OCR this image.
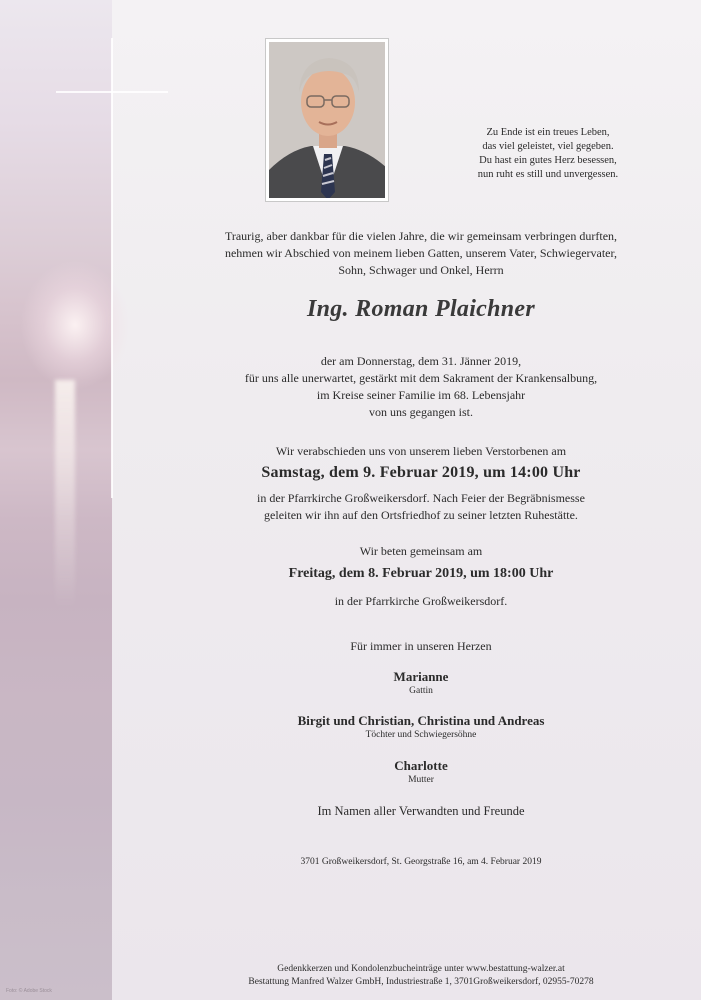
Foto: © Adobe Stock
Zu Ende ist ein treues Leben,
das viel geleistet, viel gegeben.
Du hast ein gutes Herz besessen,
nun ruht es still und unvergessen.
Traurig, aber dankbar für die vielen Jahre, die wir gemeinsam verbringen durften,
nehmen wir Abschied von meinem lieben Gatten, unserem Vater, Schwiegervater,
Sohn, Schwager und Onkel, Herrn
Ing. Roman Plaichner
der am Donnerstag, dem 31. Jänner 2019,
für uns alle unerwartet, gestärkt mit dem Sakrament der Krankensalbung,
im Kreise seiner Familie im 68. Lebensjahr
von uns gegangen ist.
Wir verabschieden uns von unserem lieben Verstorbenen am
Samstag, dem 9. Februar 2019, um 14:00 Uhr
in der Pfarrkirche Großweikersdorf. Nach Feier der Begräbnismesse
geleiten wir ihn auf den Ortsfriedhof zu seiner letzten Ruhestätte.
Wir beten gemeinsam am
Freitag, dem 8. Februar 2019, um 18:00 Uhr
in der Pfarrkirche Großweikersdorf.
Für immer in unseren Herzen
Marianne
Gattin
Birgit und Christian, Christina und Andreas
Töchter und Schwiegersöhne
Charlotte
Mutter
Im Namen aller Verwandten und Freunde
3701 Großweikersdorf, St. Georgstraße 16, am 4. Februar 2019
Gedenkkerzen und Kondolenzbucheinträge unter www.bestattung-walzer.at
Bestattung Manfred Walzer GmbH, Industriestraße 1, 3701Großweikersdorf, 02955-70278
